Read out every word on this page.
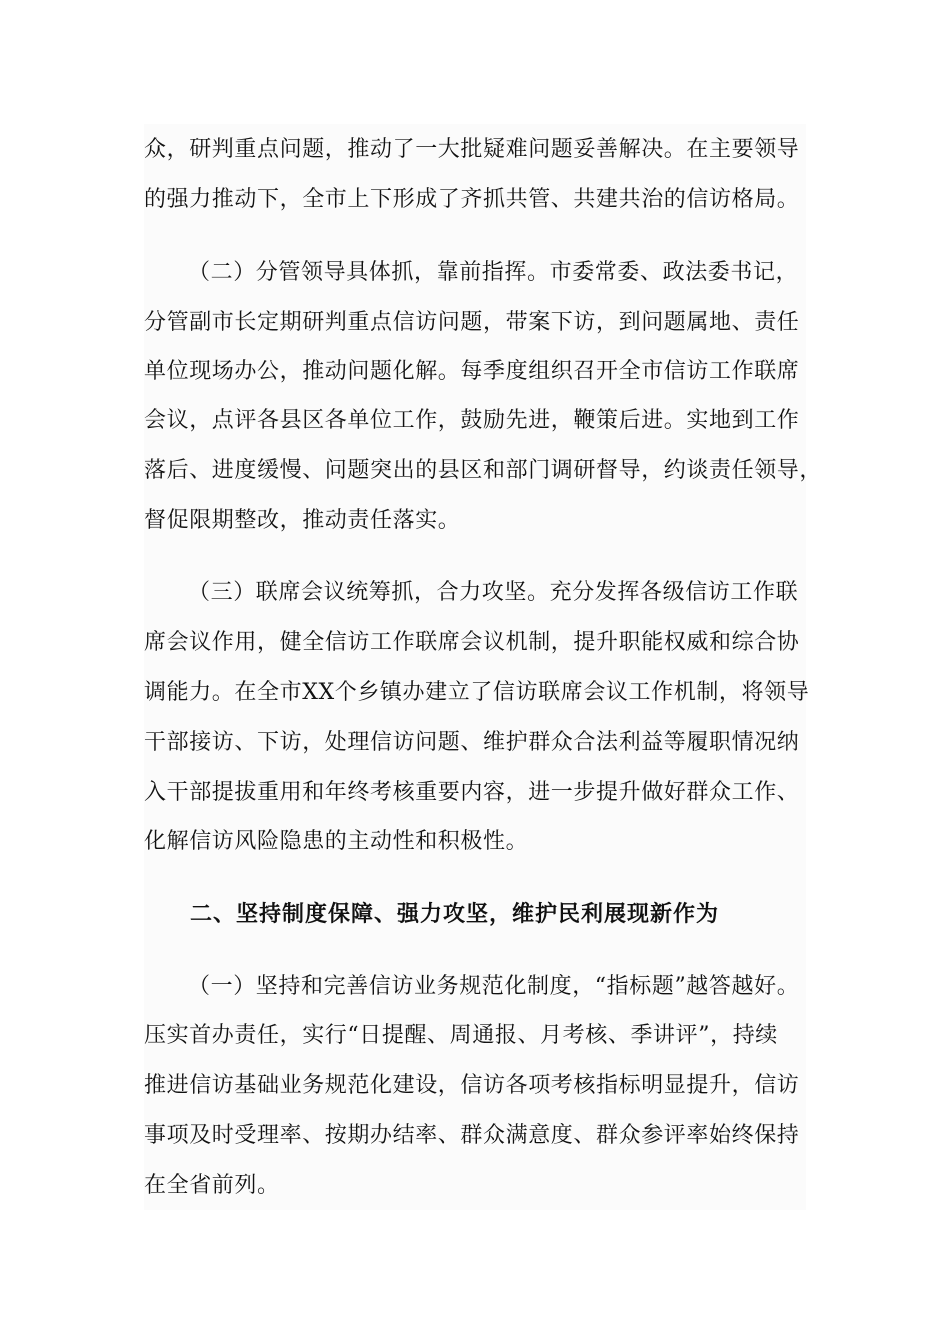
众，研判重点问题，推动了一大批疑难问题妥善解决。在主要领导
的强力推动下，全市上下形成了齐抓共管、共建共治的信访格局。
（二）分管领导具体抓，靠前指挥。市委常委、政法委书记，
分管副市长定期研判重点信访问题，带案下访，到问题属地、责任
单位现场办公，推动问题化解。每季度组织召开全市信访工作联席
会议，点评各县区各单位工作，鼓励先进，鞭策后进。实地到工作
落后、进度缓慢、问题突出的县区和部门调研督导，约谈责任领导，
督促限期整改，推动责任落实。
（三）联席会议统筹抓，合力攻坚。充分发挥各级信访工作联
席会议作用，健全信访工作联席会议机制，提升职能权威和综合协
调能力。在全市XX个乡镇办建立了信访联席会议工作机制，将领导
干部接访、下访，处理信访问题、维护群众合法利益等履职情况纳
入干部提拔重用和年终考核重要内容，进一步提升做好群众工作、
化解信访风险隐患的主动性和积极性。
二、坚持制度保障、强力攻坚，维护民利展现新作为
（一）坚持和完善信访业务规范化制度，“指标题”越答越好。
压实首办责任，实行“日提醒、周通报、月考核、季讲评”，持续
推进信访基础业务规范化建设，信访各项考核指标明显提升，信访
事项及时受理率、按期办结率、群众满意度、群众参评率始终保持
在全省前列。
